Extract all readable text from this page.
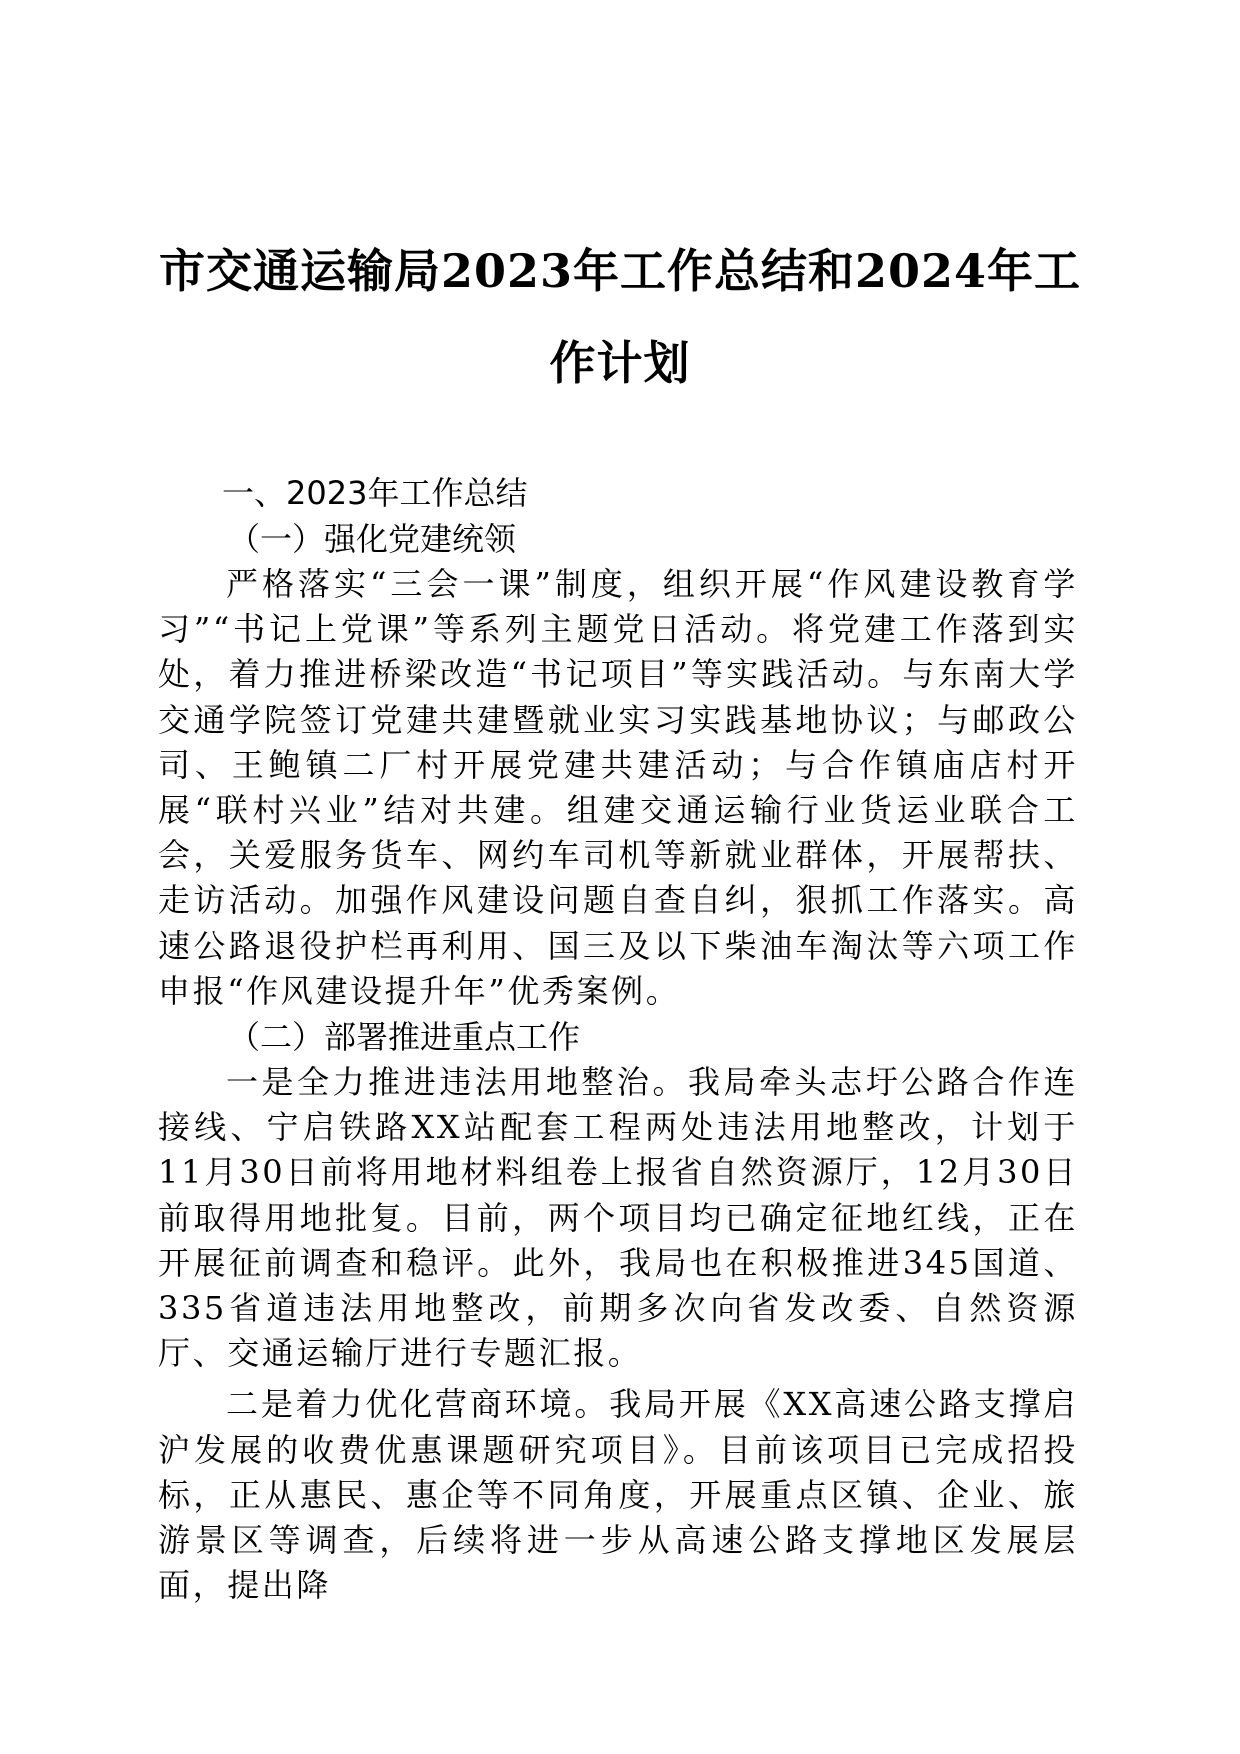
市交通运输局2023年工作总结和2024年工作计划

一、2023年工作总结

（一）强化党建统领

严格落实“三会一课”制度，组织开展“作风建设教育学习”“书记上党课”等系列主题党日活动。将党建工作落到实处，着力推进桥梁改造“书记项目”等实践活动。与东南大学交通学院签订党建共建暨就业实习实践基地协议；与邮政公司、王鲍镇二厂村开展党建共建活动；与合作镇庙店村开展“联村兴业”结对共建。组建交通运输行业货运业联合工会，关爱服务货车、网约车司机等新就业群体，开展帮扶、走访活动。加强作风建设问题自查自纠，狠抓工作落实。高速公路退役护栏再利用、国三及以下柴油车淘汰等六项工作申报“作风建设提升年”优秀案例。

（二）部署推进重点工作

一是全力推进违法用地整治。我局牵头志圩公路合作连接线、宁启铁路XX站配套工程两处违法用地整改，计划于11月30日前将用地材料组卷上报省自然资源厅，12月30日前取得用地批复。目前，两个项目均已确定征地红线，正在开展征前调查和稳评。此外，我局也在积极推进345国道、335省道违法用地整改，前期多次向省发改委、自然资源厅、交通运输厅进行专题汇报。

二是着力优化营商环境。我局开展《XX高速公路支撑启沪发展的收费优惠课题研究项目》。目前该项目已完成招投标，正从惠民、惠企等不同角度，开展重点区镇、企业、旅游景区等调查，后续将进一步从高速公路支撑地区发展层面，提出降
